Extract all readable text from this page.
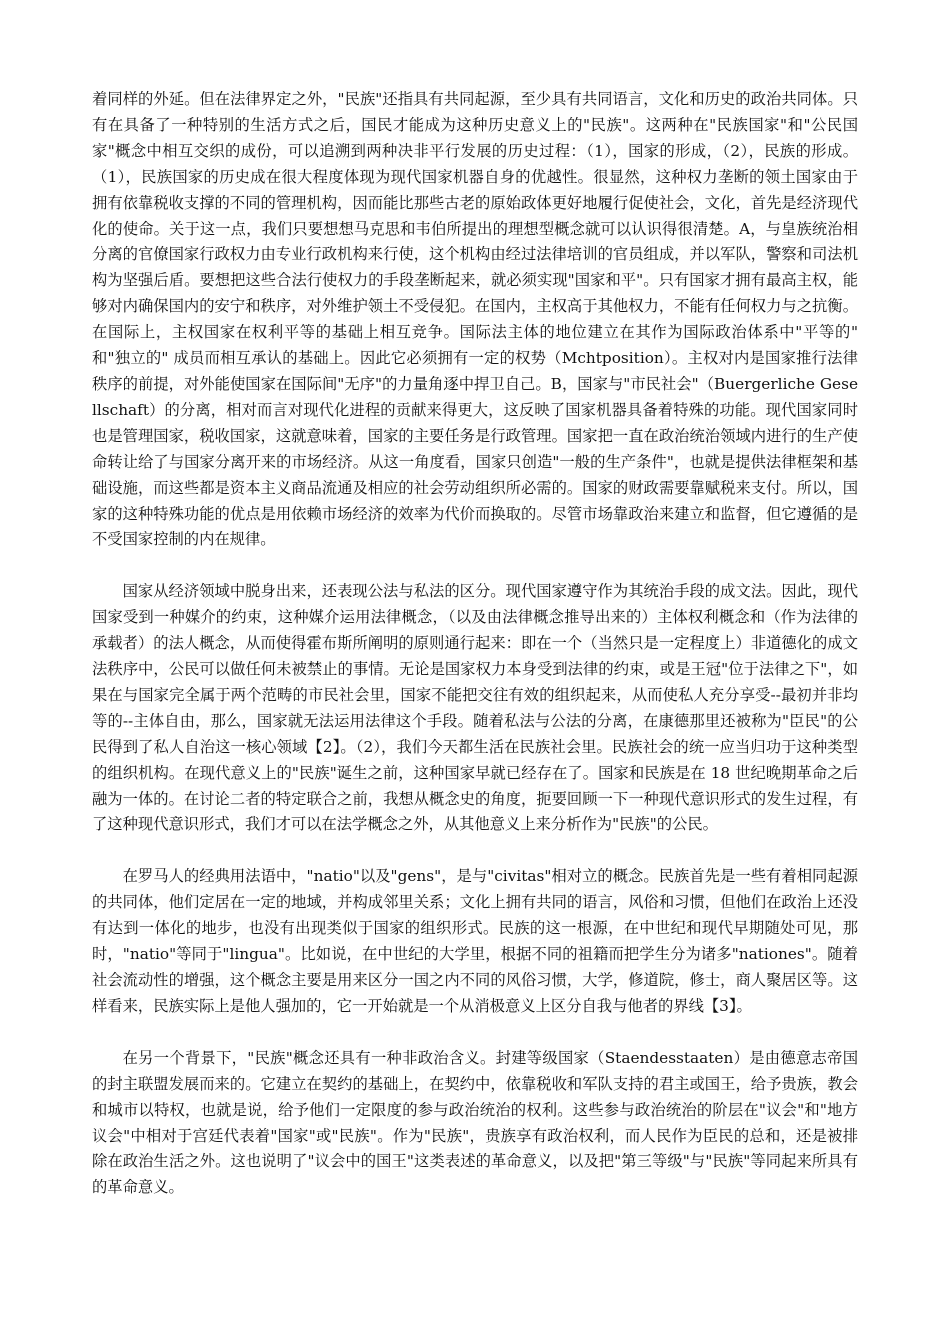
着同样的外延。但在法律界定之外，"民族"还指具有共同起源，至少具有共同语言，文化和历史的政治共同体。只有在具备了一种特别的生活方式之后，国民才能成为这种历史意义上的"民族"。这两种在"民族国家"和"公民国家"概念中相互交织的成份，可以追溯到两种决非平行发展的历史过程：（1），国家的形成，（2），民族的形成。（1），民族国家的历史成在很大程度体现为现代国家机器自身的优越性。很显然，这种权力垄断的领土国家由于拥有依靠税收支撑的不同的管理机构，因而能比那些古老的原始政体更好地履行促使社会，文化，首先是经济现代化的使命。关于这一点，我们只要想想马克思和韦伯所提出的理想型概念就可以认识得很清楚。A，与皇族统治相分离的官僚国家行政权力由专业行政机构来行使，这个机构由经过法律培训的官员组成，并以军队，警察和司法机构为坚强后盾。要想把这些合法行使权力的手段垄断起来，就必须实现"国家和平"。只有国家才拥有最高主权，能够对内确保国内的安宁和秩序，对外维护领土不受侵犯。在国内，主权高于其他权力，不能有任何权力与之抗衡。在国际上，主权国家在权利平等的基础上相互竞争。国际法主体的地位建立在其作为国际政治体系中"平等的" 和"独立的" 成员而相互承认的基础上。因此它必须拥有一定的权势（Mchtposition）。主权对内是国家推行法律秩序的前提，对外能使国家在国际间"无序"的力量角逐中捍卫自己。B，国家与"市民社会"（Buergerliche Gesellschaft）的分离，相对而言对现代化进程的贡献来得更大，这反映了国家机器具备着特殊的功能。现代国家同时也是管理国家，税收国家，这就意味着，国家的主要任务是行政管理。国家把一直在政治统治领域内进行的生产使命转让给了与国家分离开来的市场经济。从这一角度看，国家只创造"一般的生产条件"，也就是提供法律框架和基础设施，而这些都是资本主义商品流通及相应的社会劳动组织所必需的。国家的财政需要靠赋税来支付。所以，国家的这种特殊功能的优点是用依赖市场经济的效率为代价而换取的。尽管市场靠政治来建立和监督，但它遵循的是不受国家控制的内在规律。

国家从经济领域中脱身出来，还表现公法与私法的区分。现代国家遵守作为其统治手段的成文法。因此，现代国家受到一种媒介的约束，这种媒介运用法律概念，（以及由法律概念推导出来的）主体权利概念和（作为法律的承载者）的法人概念，从而使得霍布斯所阐明的原则通行起来：即在一个（当然只是一定程度上）非道德化的成文法秩序中，公民可以做任何未被禁止的事情。无论是国家权力本身受到法律的约束，或是王冠"位于法律之下"，如果在与国家完全属于两个范畴的市民社会里，国家不能把交往有效的组织起来，从而使私人充分享受--最初并非均等的--主体自由，那么，国家就无法运用法律这个手段。随着私法与公法的分离，在康德那里还被称为"臣民"的公民得到了私人自治这一核心领域【2】。（2），我们今天都生活在民族社会里。民族社会的统一应当归功于这种类型的组织机构。在现代意义上的"民族"诞生之前，这种国家早就已经存在了。国家和民族是在 18 世纪晚期革命之后融为一体的。在讨论二者的特定联合之前，我想从概念史的角度，扼要回顾一下一种现代意识形式的发生过程，有了这种现代意识形式，我们才可以在法学概念之外，从其他意义上来分析作为"民族"的公民。

在罗马人的经典用法语中，"natio"以及"gens"，是与"civitas"相对立的概念。民族首先是一些有着相同起源的共同体，他们定居在一定的地域，并构成邻里关系；文化上拥有共同的语言，风俗和习惯，但他们在政治上还没有达到一体化的地步，也没有出现类似于国家的组织形式。民族的这一根源，在中世纪和现代早期随处可见，那时，"natio"等同于"lingua"。比如说，在中世纪的大学里，根据不同的祖籍而把学生分为诸多"nationes"。随着社会流动性的增强，这个概念主要是用来区分一国之内不同的风俗习惯，大学，修道院，修士，商人聚居区等。这样看来，民族实际上是他人强加的，它一开始就是一个从消极意义上区分自我与他者的界线【3】。

在另一个背景下，"民族"概念还具有一种非政治含义。封建等级国家（Staendesstaaten）是由德意志帝国的封主联盟发展而来的。它建立在契约的基础上，在契约中，依靠税收和军队支持的君主或国王，给予贵族，教会和城市以特权，也就是说，给予他们一定限度的参与政治统治的权利。这些参与政治统治的阶层在"议会"和"地方议会"中相对于宫廷代表着"国家"或"民族"。作为"民族"，贵族享有政治权利，而人民作为臣民的总和，还是被排除在政治生活之外。这也说明了"议会中的国王"这类表述的革命意义，以及把"第三等级"与"民族"等同起来所具有的革命意义。
